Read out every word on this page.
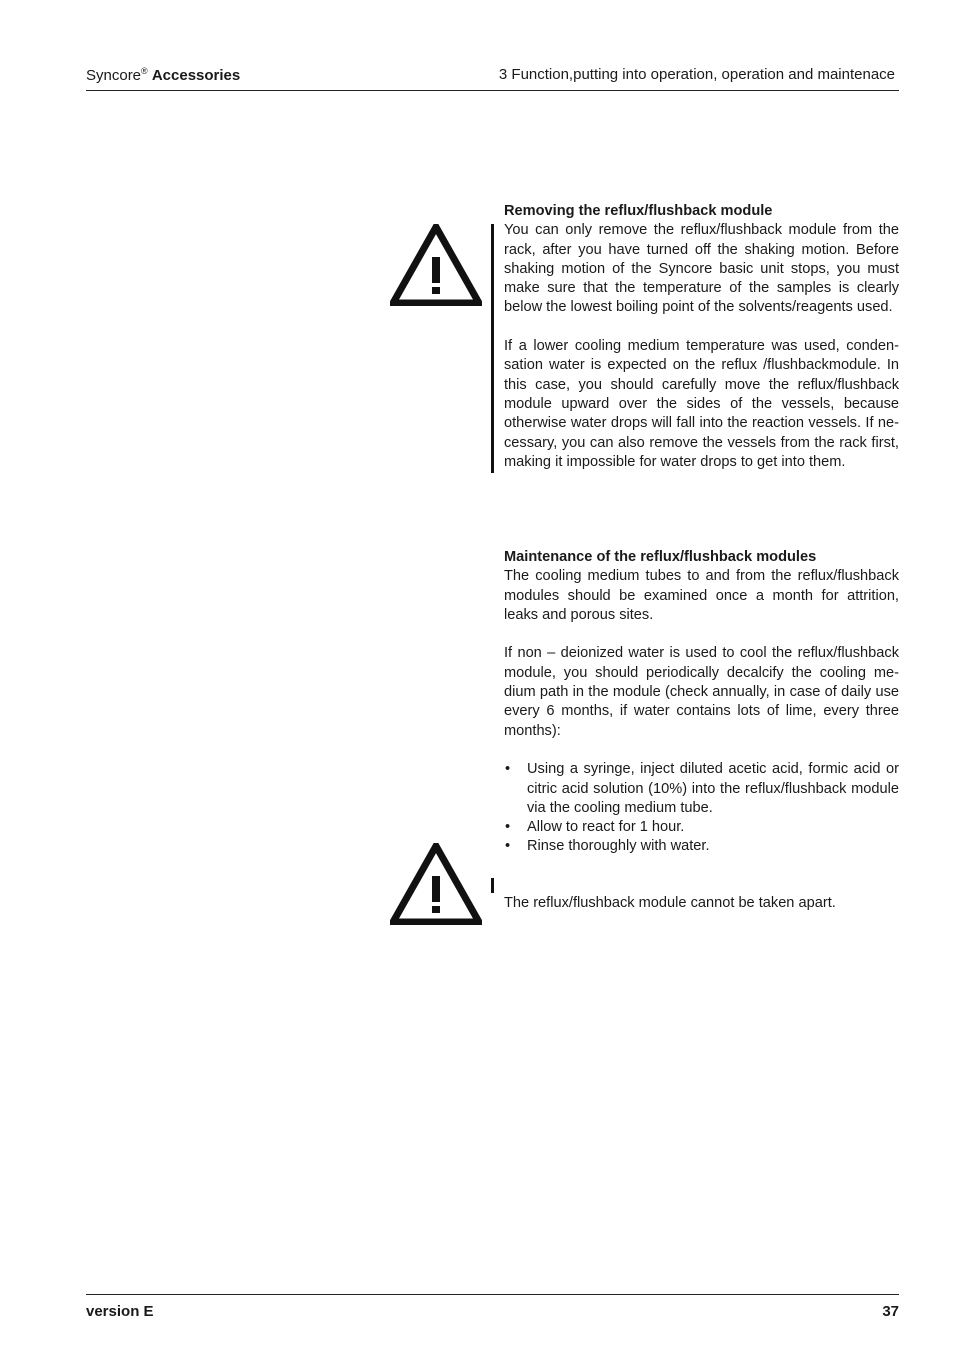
Syncore® Accessories	3 Function,putting into operation, operation and maintenace

Removing the reflux/flushback module

You can only remove the reflux/flushback module from the rack, after you have turned off the shaking motion. Before shaking motion of the Syncore basic unit stops, you must make sure that the temperature of the samples is clearly below the lowest boiling point of the solvents/reagents used.

If a lower cooling medium temperature was used, conden-sation water is expected on the reflux /flushbackmodule. In this case, you should carefully move the reflux/flushback module upward over the sides of the vessels, because otherwise water drops will fall into the reaction vessels. If ne-cessary, you can also remove the vessels from the rack first, making it impossible for water drops to get into them.

Maintenance of the reflux/flushback modules

The cooling medium tubes to and from the reflux/flushback modules should be examined once a month for attrition, leaks and porous sites.

If non – deionized water is used to cool the reflux/flushback module, you should periodically decalcify the cooling me-dium path in the module (check annually, in case of daily use every 6 months, if water contains lots of lime, every three months):

• Using a syringe, inject diluted acetic acid, formic acid or citric acid solution (10%) into the reflux/flushback module via the cooling medium tube.
• Allow to react for 1 hour.
• Rinse thoroughly with water.

The reflux/flushback module cannot be taken apart.

version E	37
